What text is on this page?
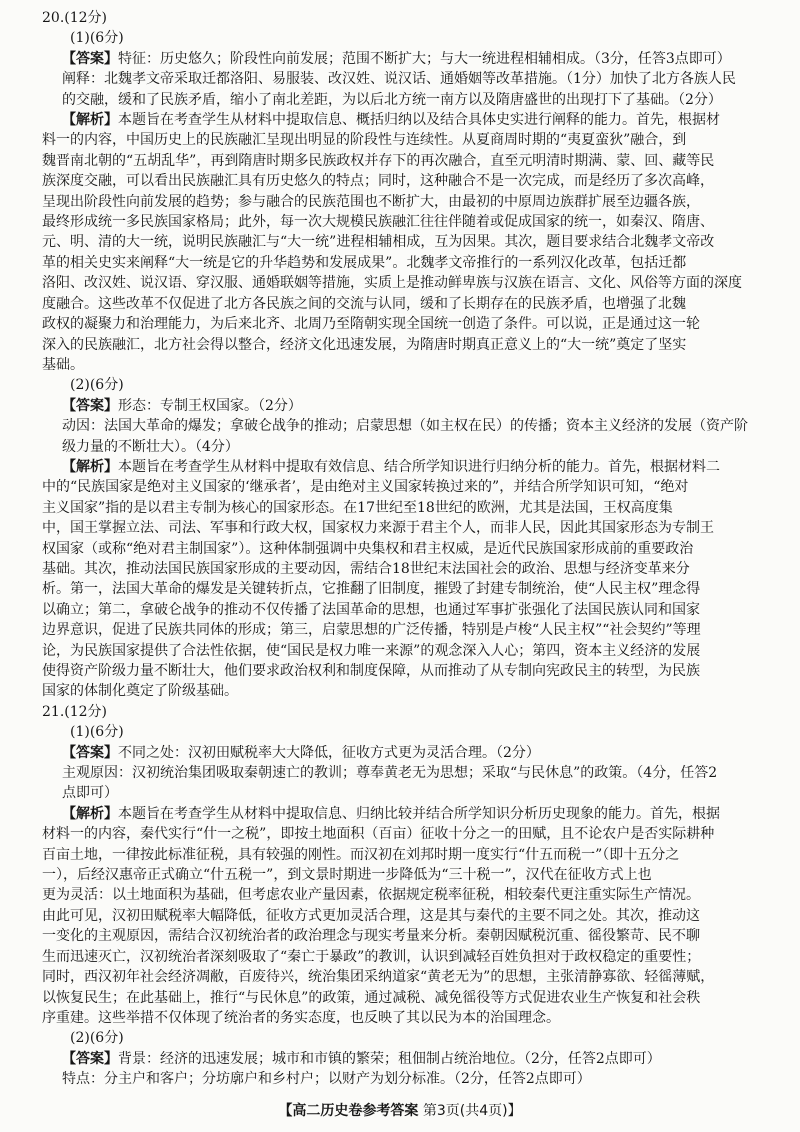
20.(12分)

(1)(6分)

【答案】特征：历史悠久；阶段性向前发展；范围不断扩大；与大一统进程相辅相成。（3分，任答3点即可）

阐释：北魏孝文帝采取迁都洛阳、易服装、改汉姓、说汉话、通婚姻等改革措施。（1分）加快了北方各族人民

的交融，缓和了民族矛盾，缩小了南北差距，为以后北方统一南方以及隋唐盛世的出现打下了基础。（2分）

【解析】本题旨在考查学生从材料中提取信息、概括归纳以及结合具体史实进行阐释的能力。首先，根据材

料一的内容，中国历史上的民族融汇呈现出明显的阶段性与连续性。从夏商周时期的“夷夏蛮狄”融合，到

魏晋南北朝的“五胡乱华”，再到隋唐时期多民族政权并存下的再次融合，直至元明清时期满、蒙、回、藏等民

族深度交融，可以看出民族融汇具有历史悠久的特点；同时，这种融合不是一次完成，而是经历了多次高峰，

呈现出阶段性向前发展的趋势；参与融合的民族范围也不断扩大，由最初的中原周边族群扩展至边疆各族，

最终形成统一多民族国家格局；此外，每一次大规模民族融汇往往伴随着或促成国家的统一，如秦汉、隋唐、

元、明、清的大一统，说明民族融汇与“大一统”进程相辅相成，互为因果。其次，题目要求结合北魏孝文帝改

革的相关史实来阐释“大一统是它的升华趋势和发展成果”。北魏孝文帝推行的一系列汉化改革，包括迁都

洛阳、改汉姓、说汉语、穿汉服、通婚联姻等措施，实质上是推动鲜卑族与汉族在语言、文化、风俗等方面的深度

度融合。这些改革不仅促进了北方各民族之间的交流与认同，缓和了长期存在的民族矛盾，也增强了北魏

政权的凝聚力和治理能力，为后来北齐、北周乃至隋朝实现全国统一创造了条件。可以说，正是通过这一轮

深入的民族融汇，北方社会得以整合，经济文化迅速发展，为隋唐时期真正意义上的“大一统”奠定了坚实

基础。

(2)(6分)

【答案】形态：专制王权国家。（2分）

动因：法国大革命的爆发；拿破仑战争的推动；启蒙思想（如主权在民）的传播；资本主义经济的发展（资产阶

级力量的不断壮大）。（4分）

【解析】本题旨在考查学生从材料中提取有效信息、结合所学知识进行归纳分析的能力。首先，根据材料二

中的“民族国家是绝对主义国家的‘继承者’，是由绝对主义国家转换过来的”，并结合所学知识可知，“绝对

主义国家”指的是以君主专制为核心的国家形态。在17世纪至18世纪的欧洲，尤其是法国，王权高度集

中，国王掌握立法、司法、军事和行政大权，国家权力来源于君主个人，而非人民，因此其国家形态为专制王

权国家（或称“绝对君主制国家”）。这种体制强调中央集权和君主权威，是近代民族国家形成前的重要政治

基础。其次，推动法国民族国家形成的主要动因，需结合18世纪末法国社会的政治、思想与经济变革来分

析。第一，法国大革命的爆发是关键转折点，它推翻了旧制度，摧毁了封建专制统治，使“人民主权”理念得

以确立；第二，拿破仑战争的推动不仅传播了法国革命的思想，也通过军事扩张强化了法国民族认同和国家

边界意识，促进了民族共同体的形成；第三，启蒙思想的广泛传播，特别是卢梭“人民主权”“社会契约”等理

论，为民族国家提供了合法性依据，使“国民是权力唯一来源”的观念深入人心；第四，资本主义经济的发展

使得资产阶级力量不断壮大，他们要求政治权利和制度保障，从而推动了从专制向宪政民主的转型，为民族

国家的体制化奠定了阶级基础。

21.(12分)

(1)(6分)

【答案】不同之处：汉初田赋税率大大降低，征收方式更为灵活合理。（2分）

主观原因：汉初统治集团吸取秦朝速亡的教训；尊奉黄老无为思想；采取“与民休息”的政策。（4分，任答2

点即可）

【解析】本题旨在考查学生从材料中提取信息、归纳比较并结合所学知识分析历史现象的能力。首先，根据

材料一的内容，秦代实行“什一之税”，即按土地面积（百亩）征收十分之一的田赋，且不论农户是否实际耕种

百亩土地，一律按此标准征税，具有较强的刚性。而汉初在刘邦时期一度实行“什五而税一”（即十五分之

一），后经汉惠帝正式确立“什五税一”，到文景时期进一步降低为“三十税一”，汉代在征收方式上也

更为灵活：以土地面积为基础，但考虑农业产量因素，依据规定税率征税，相较秦代更注重实际生产情况。

由此可见，汉初田赋税率大幅降低，征收方式更加灵活合理，这是其与秦代的主要不同之处。其次，推动这

一变化的主观原因，需结合汉初统治者的政治理念与现实考量来分析。秦朝因赋税沉重、徭役繁苛、民不聊

生而迅速灭亡，汉初统治者深刻吸取了“秦亡于暴政”的教训，认识到减轻百姓负担对于政权稳定的重要性；

同时，西汉初年社会经济凋敝，百废待兴，统治集团采纳道家“黄老无为”的思想，主张清静寡欲、轻徭薄赋，

以恢复民生；在此基础上，推行“与民休息”的政策，通过减税、减免徭役等方式促进农业生产恢复和社会秩

序重建。这些举措不仅体现了统治者的务实态度，也反映了其以民为本的治国理念。

(2)(6分)

【答案】背景：经济的迅速发展；城市和市镇的繁荣；租佃制占统治地位。（2分，任答2点即可）

特点：分主户和客户；分坊廓户和乡村户；以财产为划分标准。（2分，任答2点即可）

【高二历史卷参考答案 第3页(共4页)】
